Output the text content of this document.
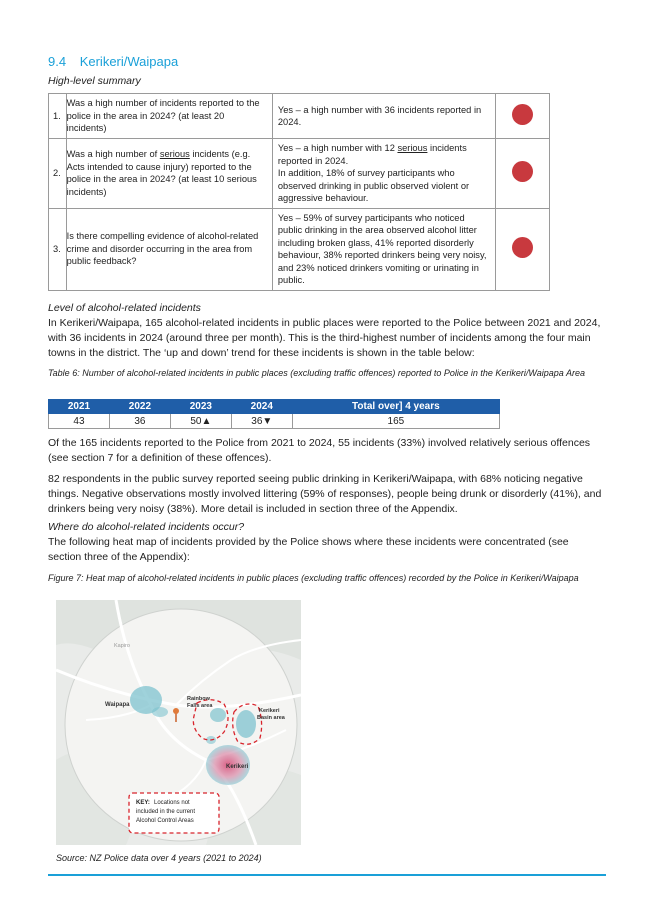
9.4 Kerikeri/Waipapa
High-level summary
1.	Was a high number of incidents reported to the police in the area in 2024? (at least 20 incidents)	Yes – a high number with 36 incidents reported in 2024.	
2.	Was a high number of serious incidents (e.g. Acts intended to cause injury) reported to the police in the area in 2024? (at least 10 serious incidents)	Yes – a high number with 12 serious incidents reported in 2024.
In addition, 18% of survey participants who observed drinking in public observed violent or aggressive behaviour.	
3.	Is there compelling evidence of alcohol-related crime and disorder occurring in the area from public feedback?	Yes – 59% of survey participants who noticed public drinking in the area observed alcohol litter including broken glass, 41% reported disorderly behaviour, 38% reported drinkers being very noisy, and 23% noticed drinkers vomiting or urinating in public.	
Level of alcohol-related incidents
In Kerikeri/Waipapa, 165 alcohol-related incidents in public places were reported to the Police between 2021 and 2024, with 36 incidents in 2024 (around three per month). This is the third-highest number of incidents among the four main towns in the district. The ‘up and down’ trend for these incidents is shown in the table below:
Table 6: Number of alcohol-related incidents in public places (excluding traffic offences) reported to Police in the Kerikeri/Waipapa Area
2021	2022	2023	2024	Total over] 4 years
43	36	50▲	36▼	165
Of the 165 incidents reported to the Police from 2021 to 2024, 55 incidents (33%) involved relatively serious offences (see section 7 for a definition of these offences).
82 respondents in the public survey reported seeing public drinking in Kerikeri/Waipapa, with 68% noticing negative things. Negative observations mostly involved littering (59% of responses), people being drunk or disorderly (41%), and drinkers being very noisy (38%). More detail is included in section three of the Appendix.
Where do alcohol-related incidents occur?
The following heat map of incidents provided by the Police shows where these incidents were concentrated (see section three of the Appendix):
Figure 7: Heat map of alcohol-related incidents in public places (excluding traffic offences) recorded by the Police in Kerikeri/Waipapa
Kapiro
Waipapa
Rainbow
Falls area
Kerikeri
Basin area
Kerikeri
KEY: Locations not
included in the current
Alcohol Control Areas
Source: NZ Police data over 4 years (2021 to 2024)
